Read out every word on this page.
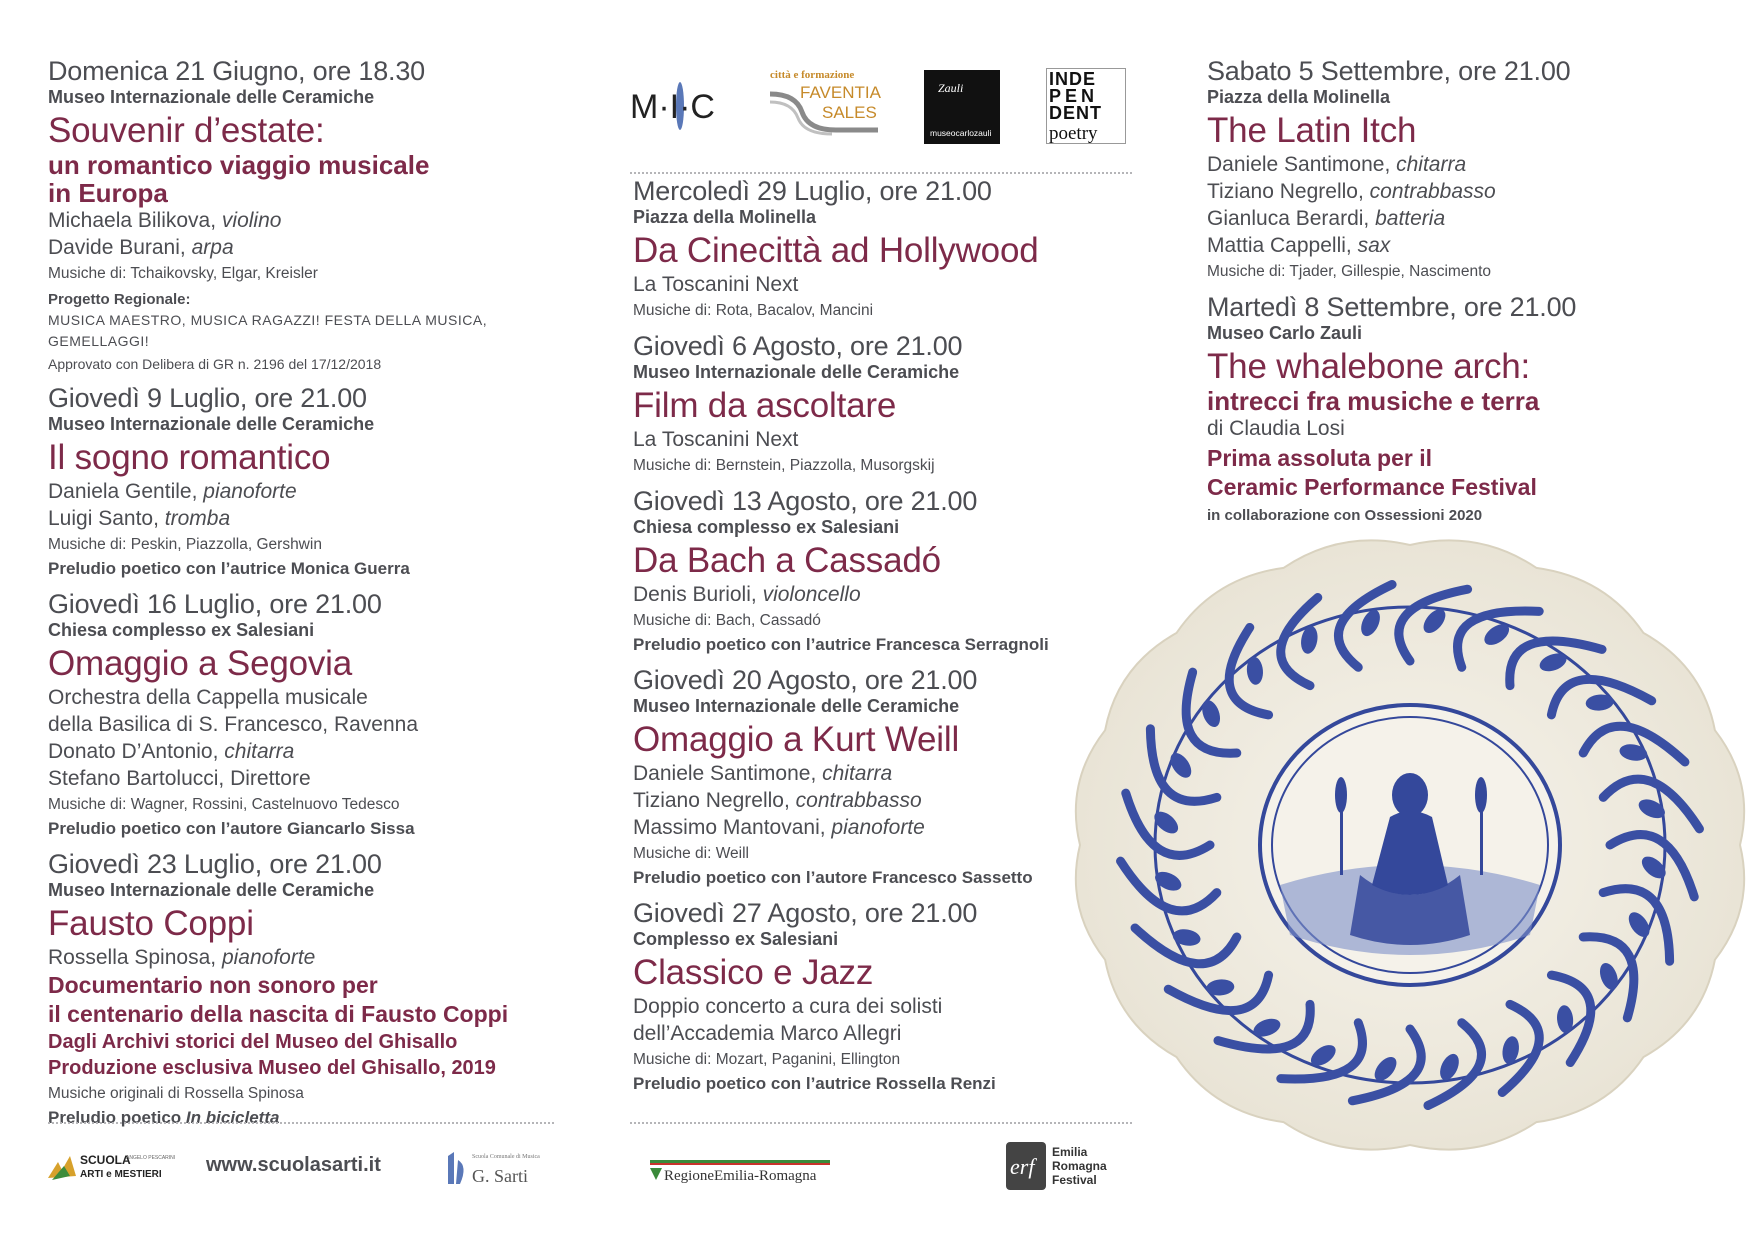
Domenica 21 Giugno, ore 18.30
Museo Internazionale delle Ceramiche
Souvenir d’estate:
un romantico viaggio musicale
in Europa
Michaela Bilikova, violino
Davide Burani, arpa
Musiche di: Tchaikovsky, Elgar, Kreisler
Progetto Regionale:
MUSICA MAESTRO, MUSICA RAGAZZI! FESTA DELLA MUSICA,
GEMELLAGGI!
Approvato con Delibera di GR n. 2196 del 17/12/2018
Giovedì 9 Luglio, ore 21.00
Museo Internazionale delle Ceramiche
Il sogno romantico
Daniela Gentile, pianoforte
Luigi Santo, tromba
Musiche di: Peskin, Piazzolla, Gershwin
Preludio poetico con l’autrice Monica Guerra
Giovedì 16 Luglio, ore 21.00
Chiesa complesso ex Salesiani
Omaggio a Segovia
Orchestra della Cappella musicale
della Basilica di S. Francesco, Ravenna
Donato D’Antonio, chitarra
Stefano Bartolucci, Direttore
Musiche di: Wagner, Rossini, Castelnuovo Tedesco
Preludio poetico con l’autore Giancarlo Sissa
Giovedì 23 Luglio, ore 21.00
Museo Internazionale delle Ceramiche
Fausto Coppi
Rossella Spinosa, pianoforte
Documentario non sonoro per
il centenario della nascita di Fausto Coppi
Dagli Archivi storici del Museo del Ghisallo
Produzione esclusiva Museo del Ghisallo, 2019
Musiche originali di Rossella Spinosa
Preludio poetico In bicicletta
M·I·C
città e formazione
FAVENTIA
SALES
Zauli
museocarlozauli
INDE
PEN
DENT
poetry
Mercoledì 29 Luglio, ore 21.00
Piazza della Molinella
Da Cinecittà ad Hollywood
La Toscanini Next
Musiche di: Rota, Bacalov, Mancini
Giovedì 6 Agosto, ore 21.00
Museo Internazionale delle Ceramiche
Film da ascoltare
La Toscanini Next
Musiche di: Bernstein, Piazzolla, Musorgskij
Giovedì 13 Agosto, ore 21.00
Chiesa complesso ex Salesiani
Da Bach a Cassadó
Denis Burioli, violoncello
Musiche di: Bach, Cassadó
Preludio poetico con l’autrice Francesca Serragnoli
Giovedì 20 Agosto, ore 21.00
Museo Internazionale delle Ceramiche
Omaggio a Kurt Weill
Daniele Santimone, chitarra
Tiziano Negrello, contrabbasso
Massimo Mantovani, pianoforte
Musiche di: Weill
Preludio poetico con l’autore Francesco Sassetto
Giovedì 27 Agosto, ore 21.00
Complesso ex Salesiani
Classico e Jazz
Doppio concerto a cura dei solisti
dell’Accademia Marco Allegri
Musiche di: Mozart, Paganini, Ellington
Preludio poetico con l’autrice Rossella Renzi
Sabato 5 Settembre, ore 21.00
Piazza della Molinella
The Latin Itch
Daniele Santimone, chitarra
Tiziano Negrello, contrabbasso
Gianluca Berardi, batteria
Mattia Cappelli, sax
Musiche di: Tjader, Gillespie, Nascimento
Martedì 8 Settembre, ore 21.00
Museo Carlo Zauli
The whalebone arch:
intrecci fra musiche e terra
di Claudia Losi
Prima assoluta per il
Ceramic Performance Festival
in collaborazione con Ossessioni 2020
SCUOLA
ANGELO PESCARINI
ARTI e MESTIERI www.scuolasarti.it	Scuola Comunale di Musica
G. Sarti	RegioneEmilia-Romagna	erf
Emilia
Romagna
Festival
